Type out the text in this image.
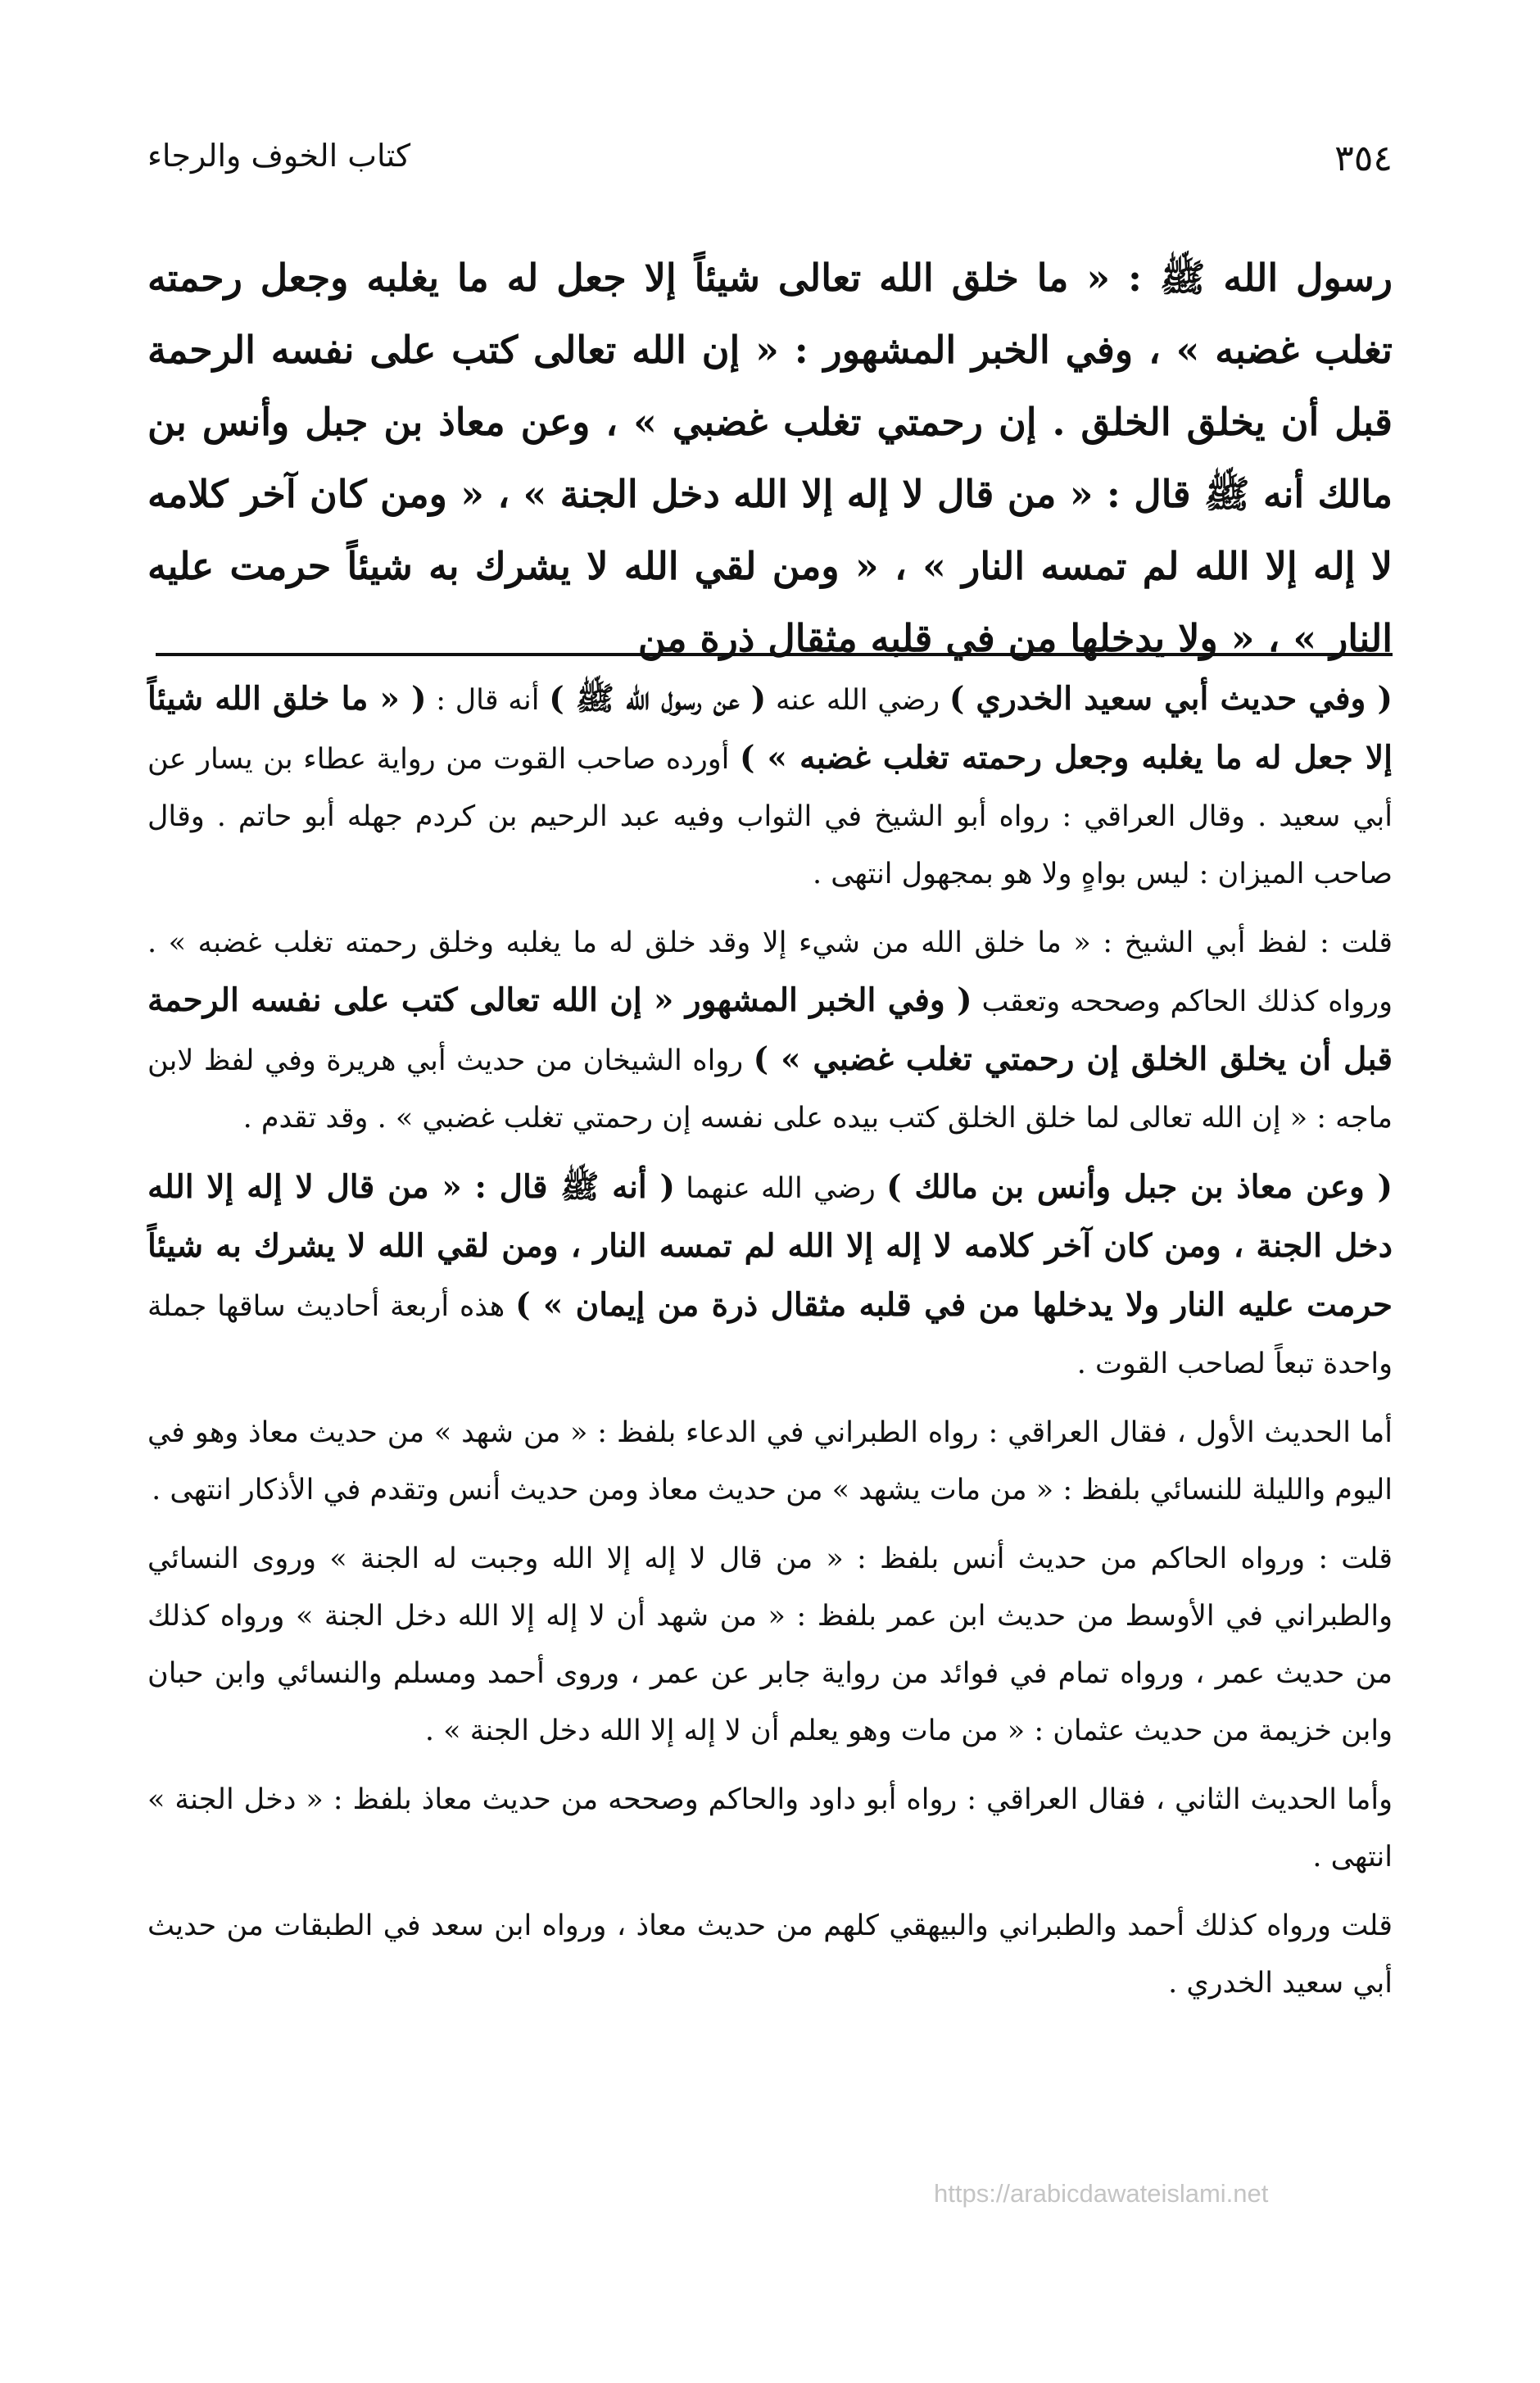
٣٥٤
كتاب الخوف والرجاء

رسول الله ﷺ : « ما خلق الله تعالى شيئاً إلا جعل له ما يغلبه وجعل رحمته تغلب غضبه » ، وفي الخبر المشهور : « إن الله تعالى كتب على نفسه الرحمة قبل أن يخلق الخلق . إن رحمتي تغلب غضبي » ، وعن معاذ بن جبل وأنس بن مالك أنه ﷺ قال : « من قال لا إله إلا الله دخل الجنة » ، « ومن كان آخر كلامه لا إله إلا الله لم تمسه النار » ، « ومن لقي الله لا يشرك به شيئاً حرمت عليه النار » ، « ولا يدخلها من في قلبه مثقال ذرة من

( وفي حديث أبي سعيد الخدري ) رضي الله عنه ( عن رسول الله ﷺ ) أنه قال : ( « ما خلق الله شيئاً إلا جعل له ما يغلبه وجعل رحمته تغلب غضبه » ) أورده صاحب القوت من رواية عطاء بن يسار عن أبي سعيد . وقال العراقي : رواه أبو الشيخ في الثواب وفيه عبد الرحيم بن كردم جهله أبو حاتم . وقال صاحب الميزان : ليس بواهٍ ولا هو بمجهول انتهى .

قلت : لفظ أبي الشيخ : « ما خلق الله من شيء إلا وقد خلق له ما يغلبه وخلق رحمته تغلب غضبه » . ورواه كذلك الحاكم وصححه وتعقب ( وفي الخبر المشهور « إن الله تعالى كتب على نفسه الرحمة قبل أن يخلق الخلق إن رحمتي تغلب غضبي » ) رواه الشيخان من حديث أبي هريرة وفي لفظ لابن ماجه : « إن الله تعالى لما خلق الخلق كتب بيده على نفسه إن رحمتي تغلب غضبي » . وقد تقدم .

( وعن معاذ بن جبل وأنس بن مالك ) رضي الله عنهما ( أنه ﷺ قال : « من قال لا إله إلا الله دخل الجنة ، ومن كان آخر كلامه لا إله إلا الله لم تمسه النار ، ومن لقي الله لا يشرك به شيئاً حرمت عليه النار ولا يدخلها من في قلبه مثقال ذرة من إيمان » ) هذه أربعة أحاديث ساقها جملة واحدة تبعاً لصاحب القوت .

أما الحديث الأول ، فقال العراقي : رواه الطبراني في الدعاء بلفظ : « من شهد » من حديث معاذ وهو في اليوم والليلة للنسائي بلفظ : « من مات يشهد » من حديث معاذ ومن حديث أنس وتقدم في الأذكار انتهى .

قلت : ورواه الحاكم من حديث أنس بلفظ : « من قال لا إله إلا الله وجبت له الجنة » وروى النسائي والطبراني في الأوسط من حديث ابن عمر بلفظ : « من شهد أن لا إله إلا الله دخل الجنة » ورواه كذلك من حديث عمر ، ورواه تمام في فوائد من رواية جابر عن عمر ، وروى أحمد ومسلم والنسائي وابن حبان وابن خزيمة من حديث عثمان : « من مات وهو يعلم أن لا إله إلا الله دخل الجنة » .

وأما الحديث الثاني ، فقال العراقي : رواه أبو داود والحاكم وصححه من حديث معاذ بلفظ : « دخل الجنة » انتهى .

قلت ورواه كذلك أحمد والطبراني والبيهقي كلهم من حديث معاذ ، ورواه ابن سعد في الطبقات من حديث أبي سعيد الخدري .

https://arabicdawateislami.net
